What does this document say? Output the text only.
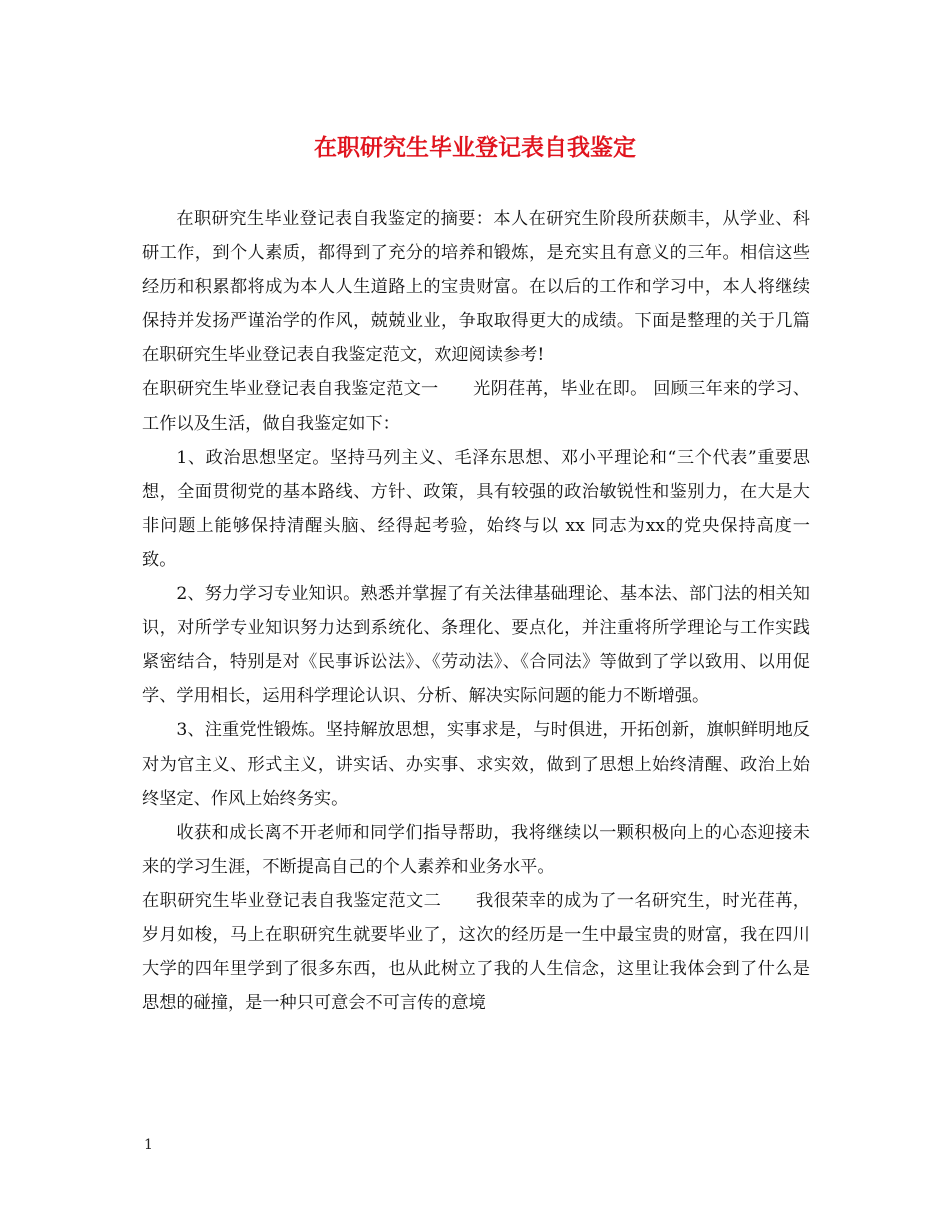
在职研究生毕业登记表自我鉴定

在职研究生毕业登记表自我鉴定的摘要：本人在研究生阶段所获颇丰，从学业、科研工作，到个人素质，都得到了充分的培养和锻炼，是充实且有意义的三年。相信这些经历和积累都将成为本人人生道路上的宝贵财富。在以后的工作和学习中，本人将继续保持并发扬严谨治学的作风，兢兢业业，争取取得更大的成绩。下面是整理的关于几篇在职研究生毕业登记表自我鉴定范文，欢迎阅读参考!

在职研究生毕业登记表自我鉴定范文一 光阴荏苒，毕业在即。 回顾三年来的学习、工作以及生活，做自我鉴定如下：

1、政治思想坚定。坚持马列主义、毛泽东思想、邓小平理论和“三个代表”重要思想，全面贯彻党的基本路线、方针、政策，具有较强的政治敏锐性和鉴别力，在大是大非问题上能够保持清醒头脑、经得起考验，始终与以 xx 同志为xx的党央保持高度一致。

2、努力学习专业知识。熟悉并掌握了有关法律基础理论、基本法、部门法的相关知识，对所学专业知识努力达到系统化、条理化、要点化，并注重将所学理论与工作实践紧密结合，特别是对《民事诉讼法》、《劳动法》、《合同法》等做到了学以致用、以用促学、学用相长，运用科学理论认识、分析、解决实际问题的能力不断增强。

3、注重党性锻炼。坚持解放思想，实事求是，与时俱进，开拓创新，旗帜鲜明地反对为官主义、形式主义，讲实话、办实事、求实效，做到了思想上始终清醒、政治上始终坚定、作风上始终务实。

收获和成长离不开老师和同学们指导帮助，我将继续以一颗积极向上的心态迎接未来的学习生涯，不断提高自己的个人素养和业务水平。

在职研究生毕业登记表自我鉴定范文二 我很荣幸的成为了一名研究生，时光荏苒，岁月如梭，马上在职研究生就要毕业了，这次的经历是一生中最宝贵的财富，我在四川大学的四年里学到了很多东西，也从此树立了我的人生信念，这里让我体会到了什么是思想的碰撞，是一种只可意会不可言传的意境

1
